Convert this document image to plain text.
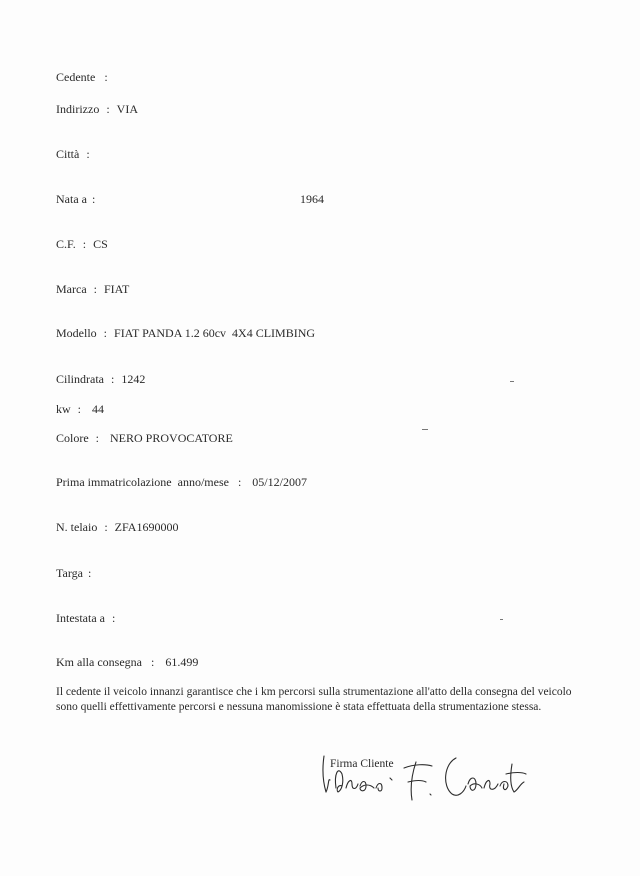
Cedente :
Indirizzo : VIA
Città :
Nata a :	1964
C.F. : CS
Marca : FIAT
Modello : FIAT PANDA 1.2 60cv  4X4 CLIMBING
Cilindrata : 1242
kw : 44
Colore : NERO PROVOCATORE
Prima immatricolazione  anno/mese : 05/12/2007
N. telaio : ZFA1690000
Targa :
Intestata a :
Km alla consegna : 61.499
Il cedente il veicolo innanzi garantisce che i km percorsi sulla strumentazione all'atto della consegna del veicolo sono quelli effettivamente percorsi e nessuna manomissione è stata effettuata della strumentazione stessa.
Firma Cliente
